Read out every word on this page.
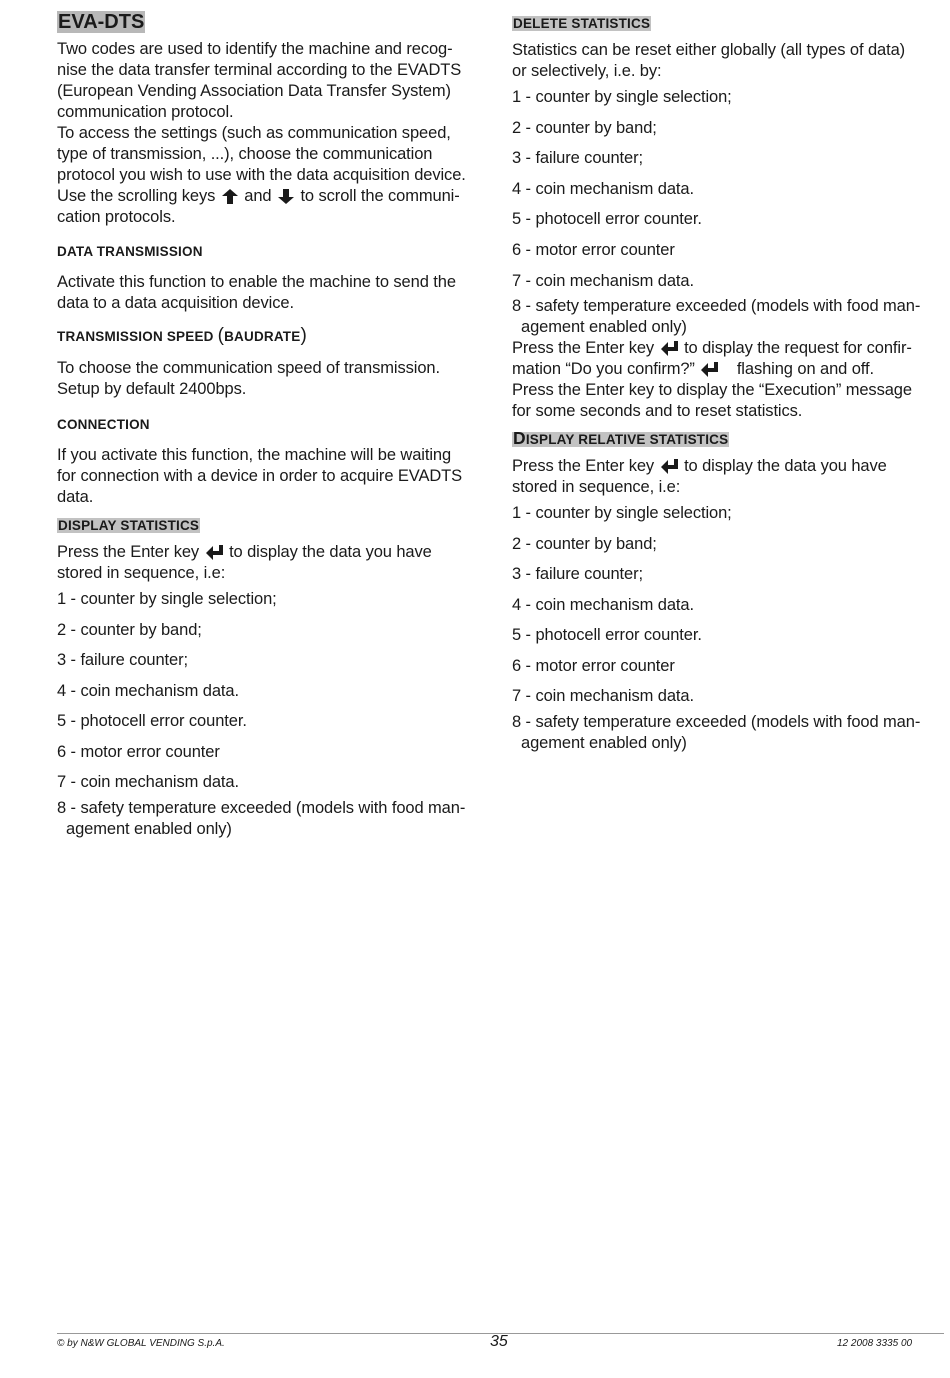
EVA-DTS
Two codes are used to identify the machine and recog-
nise the data transfer terminal according to the EVADTS
(European Vending Association Data Transfer System)
communication protocol.
To access the settings (such as communication speed,
type of transmission, ...), choose the communication
protocol you wish to use with the data acquisition device.
Use the scrolling keys and to scroll the communi-
cation protocols.
DATA TRANSMISSION
Activate this function to enable the machine to send the
data to a data acquisition device.
TRANSMISSION SPEED (BAUDRATE)
To choose the communication speed of transmission.
Setup by default 2400bps.
CONNECTION
If you activate this function, the machine will be waiting
for connection with a device in order to acquire EVADTS
data.
DISPLAY STATISTICS
Press the Enter key to display the data you have
stored in sequence, i.e:
1 - counter by single selection;
2 - counter by band;
3 - failure counter;
4 - coin mechanism data.
5 - photocell error counter.
6 - motor error counter
7 - coin mechanism data.
8 - safety temperature exceeded (models with food man-
agement enabled only)
DELETE STATISTICS
Statistics can be reset either globally (all types of data)
or selectively, i.e. by:
1 - counter by single selection;
2 - counter by band;
3 - failure counter;
4 - coin mechanism data.
5 - photocell error counter.
6 - motor error counter
7 - coin mechanism data.
8 - safety temperature exceeded (models with food man-
agement enabled only)
Press the Enter key to display the request for confir-
mation “Do you confirm?”	flashing on and off.
Press the Enter key to display the “Execution” message
for some seconds and to reset statistics.
DISPLAY RELATIVE STATISTICS
Press the Enter key to display the data you have
stored in sequence, i.e:
1 - counter by single selection;
2 - counter by band;
3 - failure counter;
4 - coin mechanism data.
5 - photocell error counter.
6 - motor error counter
7 - coin mechanism data.
8 - safety temperature exceeded (models with food man-
agement enabled only)
© by N&W GLOBAL VENDING S.p.A.	35	12 2008 3335 00
